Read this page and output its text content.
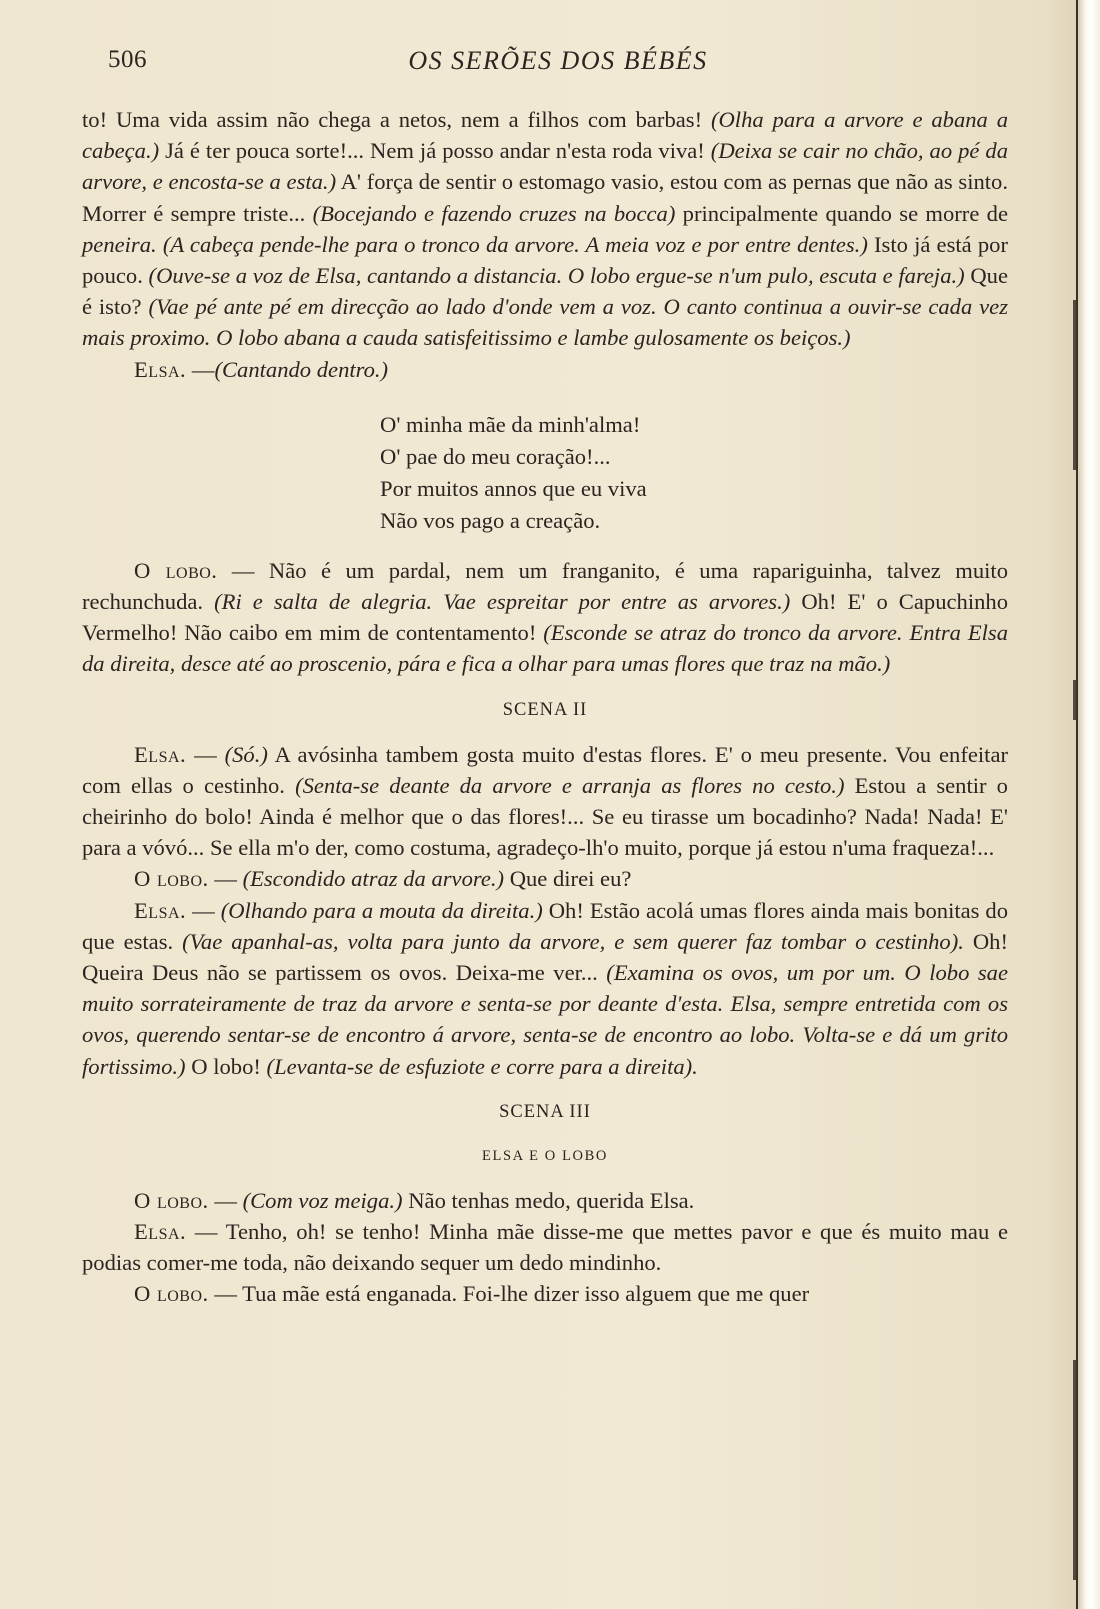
506	OS SERÕES DOS BÉBÉS

to! Uma vida assim não chega a netos, nem a filhos com barbas! (Olha para a arvore e abana a cabeça.) Já é ter pouca sorte!... Nem já posso andar n'esta roda viva! (Deixa se cair no chão, ao pé da arvore, e encosta-se a esta.) A' força de sentir o estomago vasio, estou com as pernas que não as sinto. Morrer é sempre triste... (Bocejando e fazendo cruzes na bocca) principalmente quando se morre de peneira. (A cabeça pende-lhe para o tronco da arvore. A meia voz e por entre dentes.) Isto já está por pouco. (Ouve-se a voz de Elsa, cantando a distancia. O lobo ergue-se n'um pulo, escuta e fareja.) Que é isto? (Vae pé ante pé em direcção ao lado d'onde vem a voz. O canto continua a ouvir-se cada vez mais proximo. O lobo abana a cauda satisfeitissimo e lambe gulosamente os beiços.)

Elsa. —(Cantando dentro.)

O' minha mãe da minh'alma!
O' pae do meu coração!...
Por muitos annos que eu viva
Não vos pago a creação.

O lobo. — Não é um pardal, nem um franganito, é uma rapariguinha, talvez muito rechunchuda. (Ri e salta de alegria. Vae espreitar por entre as arvores.) Oh! E' o Capuchinho Vermelho! Não caibo em mim de contentamento! (Esconde se atraz do tronco da arvore. Entra Elsa da direita, desce até ao proscenio, pára e fica a olhar para umas flores que traz na mão.)

SCENA II

Elsa. — (Só.) A avósinha tambem gosta muito d'estas flores. E' o meu presente. Vou enfeitar com ellas o cestinho. (Senta-se deante da arvore e arranja as flores no cesto.) Estou a sentir o cheirinho do bolo! Ainda é melhor que o das flores!... Se eu tirasse um bocadinho? Nada! Nada! E' para a vóvó... Se ella m'o der, como costuma, agradeço-lh'o muito, porque já estou n'uma fraqueza!...

O lobo. — (Escondido atraz da arvore.) Que direi eu?

Elsa. — (Olhando para a mouta da direita.) Oh! Estão acolá umas flores ainda mais bonitas do que estas. (Vae apanhal-as, volta para junto da arvore, e sem querer faz tombar o cestinho). Oh! Queira Deus não se partissem os ovos. Deixa-me ver... (Examina os ovos, um por um. O lobo sae muito sorrateiramente de traz da arvore e senta-se por deante d'esta. Elsa, sempre entretida com os ovos, querendo sentar-se de encontro á arvore, senta-se de encontro ao lobo. Volta-se e dá um grito fortissimo.) O lobo! (Levanta-se de esfuziote e corre para a direita).

SCENA III
ELSA E O LOBO

O lobo. — (Com voz meiga.) Não tenhas medo, querida Elsa.

Elsa. — Tenho, oh! se tenho! Minha mãe disse-me que mettes pavor e que és muito mau e podias comer-me toda, não deixando sequer um dedo mindinho.

O lobo. — Tua mãe está enganada. Foi-lhe dizer isso alguem que me quer
